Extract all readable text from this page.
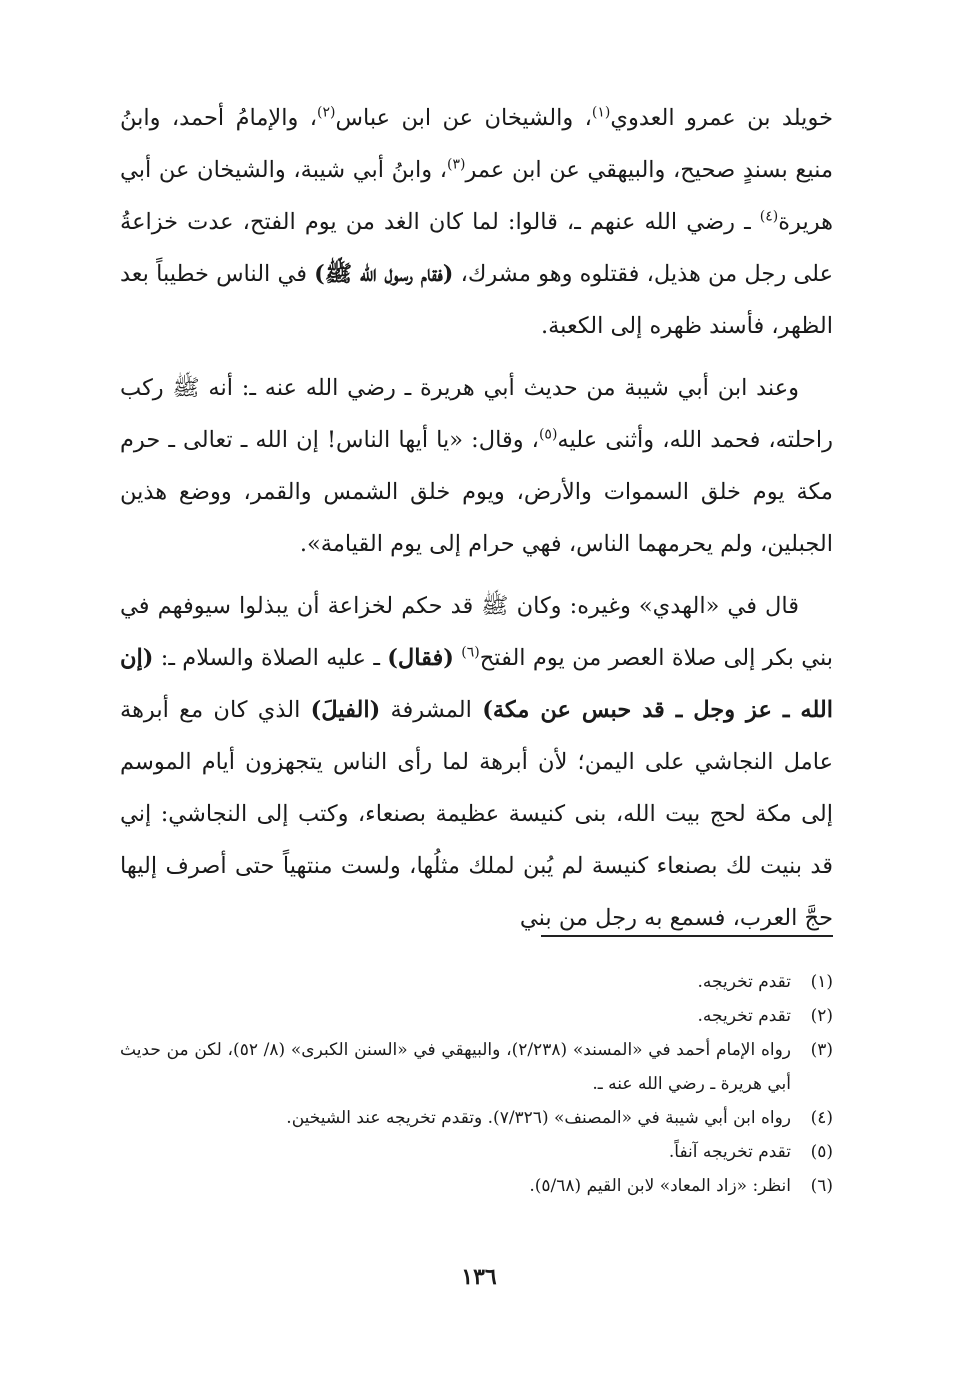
خويلد بن عمرو العدوي$^{(١)}$، والشيخان عن ابن عباس$^{(٢)}$، والإمامُ أحمد، وابنُ منيع بسندٍ صحيح، والبيهقي عن ابن عمر$^{(٣)}$، وابنُ أبي شيبة، والشيخان عن أبي هريرة$^{(٤)}$ ـ رضي الله عنهم ـ، قالوا: لما كان الغد من يوم الفتح، عدت خزاعةُ على رجل من هذيل، فقتلوه وهو مشرك، (فقام رسول الله ﷺ) في الناس خطيباً بعد الظهر، فأسند ظهره إلى الكعبة.

وعند ابن أبي شيبة من حديث أبي هريرة ـ رضي الله عنه ـ: أنه ﷺ ركب راحلته، فحمد الله، وأثنى عليه$^{(٥)}$، وقال: «يا أيها الناس! إن الله ـ تعالى ـ حرم مكة يوم خلق السموات والأرض، ويوم خلق الشمس والقمر، ووضع هذين الجبلين، ولم يحرمهما الناس، فهي حرام إلى يوم القيامة».

قال في «الهدي» وغيره: وكان ﷺ قد حكم لخزاعة أن يبذلوا سيوفهم في بني بكر إلى صلاة العصر من يوم الفتح$^{(٦)}$ (فقال) ـ عليه الصلاة والسلام ـ: (إن الله ـ عز وجل ـ قد حبس عن مكة) المشرفة (الفيلَ) الذي كان مع أبرهة عامل النجاشي على اليمن؛ لأن أبرهة لما رأى الناس يتجهزون أيام الموسم إلى مكة لحج بيت الله، بنى كنيسة عظيمة بصنعاء، وكتب إلى النجاشي: إني قد بنيت لك بصنعاء كنيسة لم يُبن لملك مثلُها، ولست منتهياً حتى أصرف إليها حجَّ العرب، فسمع به رجل من بني

(١)
تقدم تخريجه.
(٢)
تقدم تخريجه.
(٣)
رواه الإمام أحمد في «المسند» (٢/٢٣٨)، والبيهقي في «السنن الكبرى» (٨/ ٥٢)، لكن من حديث أبي هريرة ـ رضي الله عنه ـ.
(٤)
رواه ابن أبي شيبة في «المصنف» (٧/٣٢٦). وتقدم تخريجه عند الشيخين.
(٥)
تقدم تخريجه آنفاً.
(٦)
انظر: «زاد المعاد» لابن القيم (٥/٦٨).
١٣٦
